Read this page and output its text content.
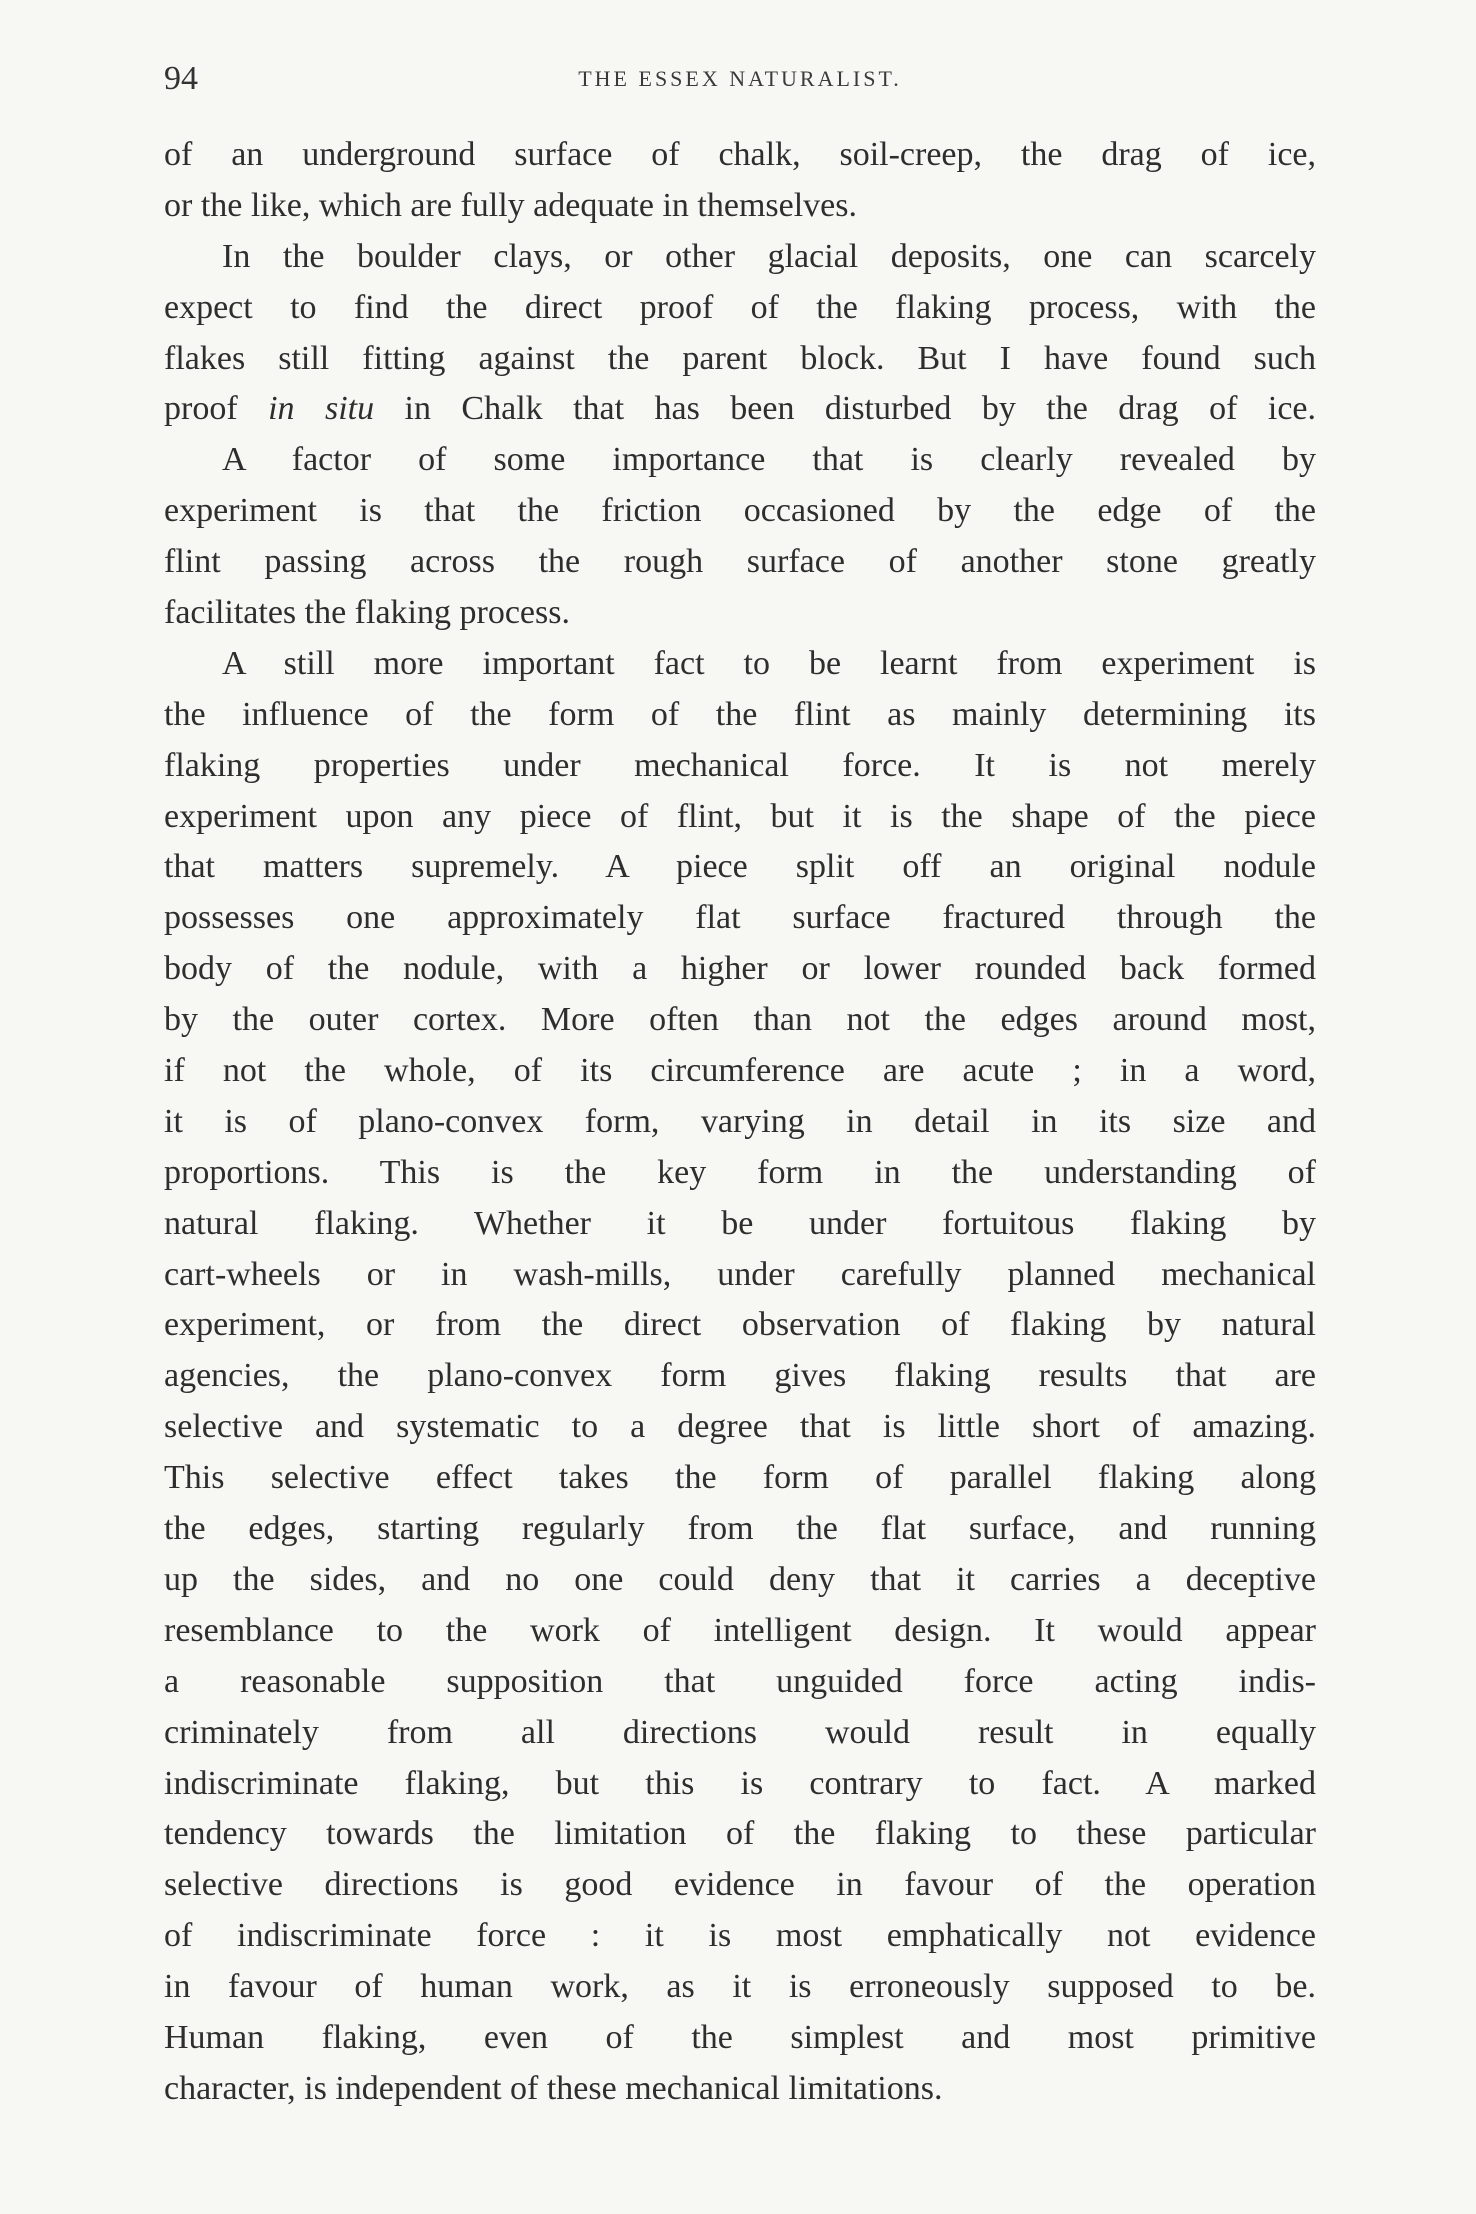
94	THE ESSEX NATURALIST.
of an underground surface of chalk, soil-creep, the drag of ice,
or the like, which are fully adequate in themselves.
In the boulder clays, or other glacial deposits, one can scarcely
expect to find the direct proof of the flaking process, with the
flakes still fitting against the parent block. But I have found such
proof in situ in Chalk that has been disturbed by the drag of ice.
A factor of some importance that is clearly revealed by
experiment is that the friction occasioned by the edge of the
flint passing across the rough surface of another stone greatly
facilitates the flaking process.
A still more important fact to be learnt from experiment is
the influence of the form of the flint as mainly determining its
flaking properties under mechanical force. It is not merely
experiment upon any piece of flint, but it is the shape of the piece
that matters supremely. A piece split off an original nodule
possesses one approximately flat surface fractured through the
body of the nodule, with a higher or lower rounded back formed
by the outer cortex. More often than not the edges around most,
if not the whole, of its circumference are acute ; in a word,
it is of plano-convex form, varying in detail in its size and
proportions. This is the key form in the understanding of
natural flaking. Whether it be under fortuitous flaking by
cart-wheels or in wash-mills, under carefully planned mechanical
experiment, or from the direct observation of flaking by natural
agencies, the plano-convex form gives flaking results that are
selective and systematic to a degree that is little short of amazing.
This selective effect takes the form of parallel flaking along
the edges, starting regularly from the flat surface, and running
up the sides, and no one could deny that it carries a deceptive
resemblance to the work of intelligent design. It would appear
a reasonable supposition that unguided force acting indis-
criminately from all directions would result in equally
indiscriminate flaking, but this is contrary to fact. A marked
tendency towards the limitation of the flaking to these particular
selective directions is good evidence in favour of the operation
of indiscriminate force : it is most emphatically not evidence
in favour of human work, as it is erroneously supposed to be.
Human flaking, even of the simplest and most primitive
character, is independent of these mechanical limitations.
